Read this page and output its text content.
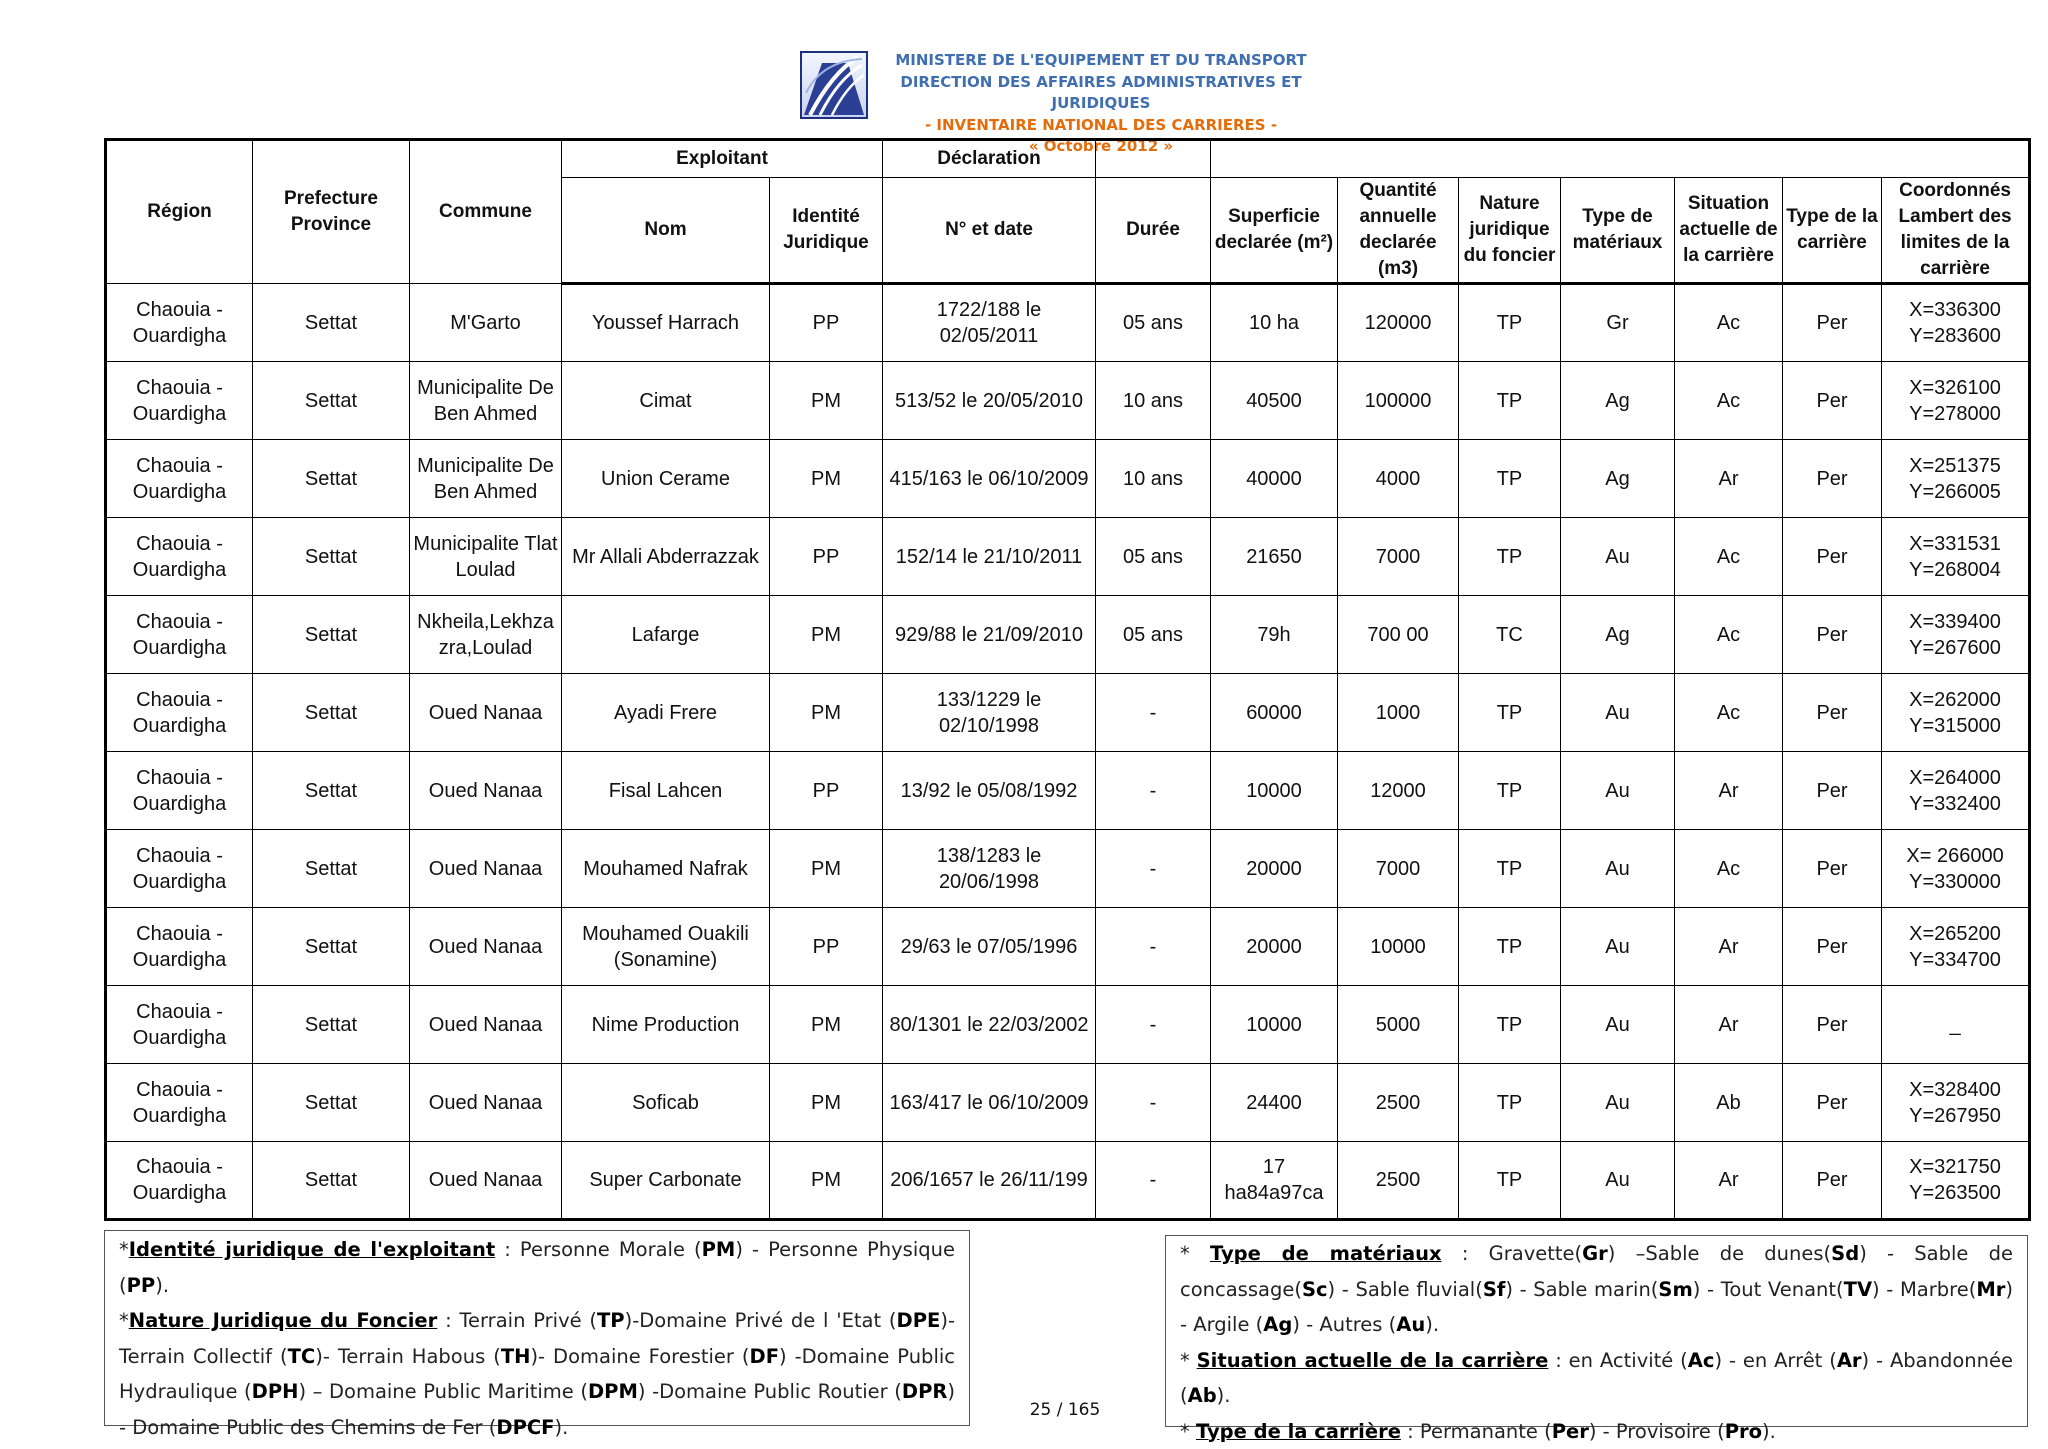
MINISTERE DE L'EQUIPEMENT ET DU TRANSPORT
DIRECTION DES AFFAIRES ADMINISTRATIVES ET JURIDIQUES
- INVENTAIRE NATIONAL DES CARRIERES -
« Octobre 2012 »
Région	Prefecture Province	Commune	Exploitant		Déclaration								
			Nom	Identité Juridique	N° et date	Durée	Superficie declarée (m²)	Quantité annuelle declarée (m3)	Nature juridique du foncier	Type de matériaux	Situation actuelle de la carrière	Type de la carrière	Coordonnés Lambert des limites de la carrière
Chaouia - Ouardigha	Settat	M'Garto	Youssef Harrach	PP	1722/188 le 02/05/2011	05 ans	10 ha	120000	TP	Gr	Ac	Per	X=336300 Y=283600
Chaouia - Ouardigha	Settat	Municipalite De Ben Ahmed	Cimat	PM	513/52 le 20/05/2010	10 ans	40500	100000	TP	Ag	Ac	Per	X=326100 Y=278000
Chaouia - Ouardigha	Settat	Municipalite De Ben Ahmed	Union Cerame	PM	415/163 le 06/10/2009	10 ans	40000	4000	TP	Ag	Ar	Per	X=251375 Y=266005
Chaouia - Ouardigha	Settat	Municipalite Tlat Loulad	Mr Allali Abderrazzak	PP	152/14 le 21/10/2011	05 ans	21650	7000	TP	Au	Ac	Per	X=331531 Y=268004
Chaouia - Ouardigha	Settat	Nkheila,Lekhza zra,Loulad	Lafarge	PM	929/88 le 21/09/2010	05 ans	79h	700 00	TC	Ag	Ac	Per	X=339400 Y=267600
Chaouia - Ouardigha	Settat	Oued Nanaa	Ayadi Frere	PM	133/1229 le 02/10/1998	-	60000	1000	TP	Au	Ac	Per	X=262000 Y=315000
Chaouia - Ouardigha	Settat	Oued Nanaa	Fisal Lahcen	PP	13/92 le 05/08/1992	-	10000	12000	TP	Au	Ar	Per	X=264000 Y=332400
Chaouia - Ouardigha	Settat	Oued Nanaa	Mouhamed Nafrak	PM	138/1283 le 20/06/1998	-	20000	7000	TP	Au	Ac	Per	X= 266000 Y=330000
Chaouia - Ouardigha	Settat	Oued Nanaa	Mouhamed Ouakili (Sonamine)	PP	29/63 le 07/05/1996	-	20000	10000	TP	Au	Ar	Per	X=265200 Y=334700
Chaouia - Ouardigha	Settat	Oued Nanaa	Nime Production	PM	80/1301 le 22/03/2002	-	10000	5000	TP	Au	Ar	Per	_
Chaouia - Ouardigha	Settat	Oued Nanaa	Soficab	PM	163/417 le 06/10/2009	-	24400	2500	TP	Au	Ab	Per	X=328400 Y=267950
Chaouia - Ouardigha	Settat	Oued Nanaa	Super Carbonate	PM	206/1657 le 26/11/199	-	17 ha84a97ca	2500	TP	Au	Ar	Per	X=321750 Y=263500

*Identité juridique de l'exploitant : Personne Morale (PM) - Personne Physique (PP).

*Nature Juridique du Foncier : Terrain Privé (TP)-Domaine Privé de l 'Etat (DPE)- Terrain Collectif (TC)- Terrain Habous (TH)- Domaine Forestier (DF) -Domaine Public Hydraulique (DPH) – Domaine Public Maritime (DPM) -Domaine Public Routier (DPR) - Domaine Public des Chemins de Fer (DPCF).

* Type de matériaux : Gravette(Gr) –Sable de dunes(Sd) - Sable de concassage(Sc) - Sable fluvial(Sf) - Sable marin(Sm) - Tout Venant(TV) - Marbre(Mr) - Argile (Ag) - Autres (Au).

* Situation actuelle de la carrière : en Activité (Ac) - en Arrêt (Ar) - Abandonnée (Ab).

* Type de la carrière : Permanante (Per) - Provisoire (Pro).

25 / 165
